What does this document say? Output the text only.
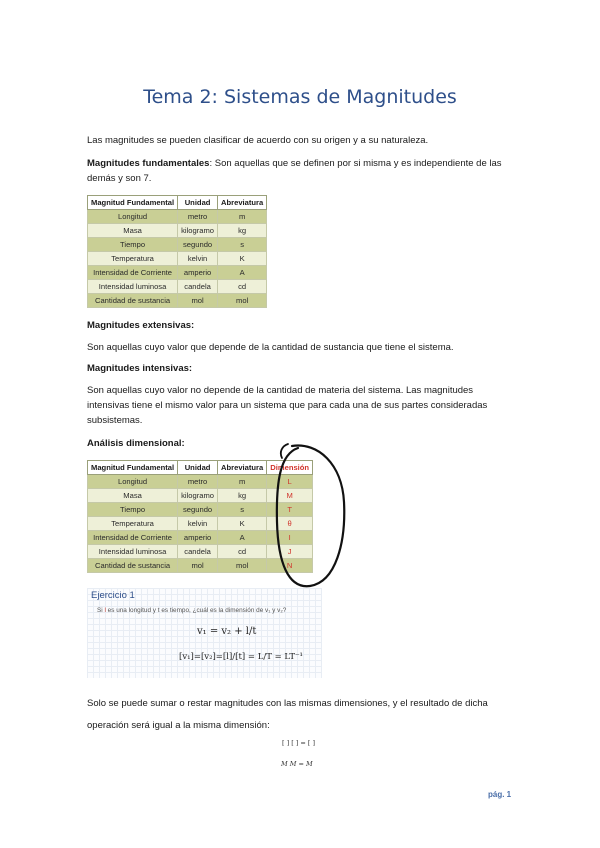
Tema 2: Sistemas de Magnitudes
Las magnitudes se pueden clasificar de acuerdo con su origen y a su naturaleza.
Magnitudes fundamentales: Son aquellas que se definen por si misma y es independiente de las demás y son 7.
Magnitud Fundamental	Unidad	Abreviatura
Longitud	metro	m
Masa	kilogramo	kg
Tiempo	segundo	s
Temperatura	kelvin	K
Intensidad de Corriente	amperio	A
Intensidad luminosa	candela	cd
Cantidad de sustancia	mol	mol
Magnitudes extensivas:
Son aquellas cuyo valor que depende de la cantidad de sustancia que tiene el sistema.
Magnitudes intensivas:
Son aquellas cuyo valor no depende de la cantidad de materia del sistema. Las magnitudes intensivas tiene el mismo valor para un sistema que para cada una de sus partes consideradas subsistemas.
Análisis dimensional:
Magnitud Fundamental	Unidad	Abreviatura	Dimensión
Longitud	metro	m	L
Masa	kilogramo	kg	M
Tiempo	segundo	s	T
Temperatura	kelvin	K	θ
Intensidad de Corriente	amperio	A	I
Intensidad luminosa	candela	cd	J
Cantidad de sustancia	mol	mol	N
Ejercicio 1
Si l es una longitud y t es tiempo, ¿cuál es la dimensión de v₁ y v₂?
v₁ = v₂ + l/t
[v₁]=[v₂]=[l]/[t] = L/T = LT⁻¹
Solo se puede sumar o restar magnitudes con las mismas dimensiones, y el resultado de dicha
operación será igual a la misma dimensión:
[ ] [ ] = [ ]
M M = M
pág. 1
